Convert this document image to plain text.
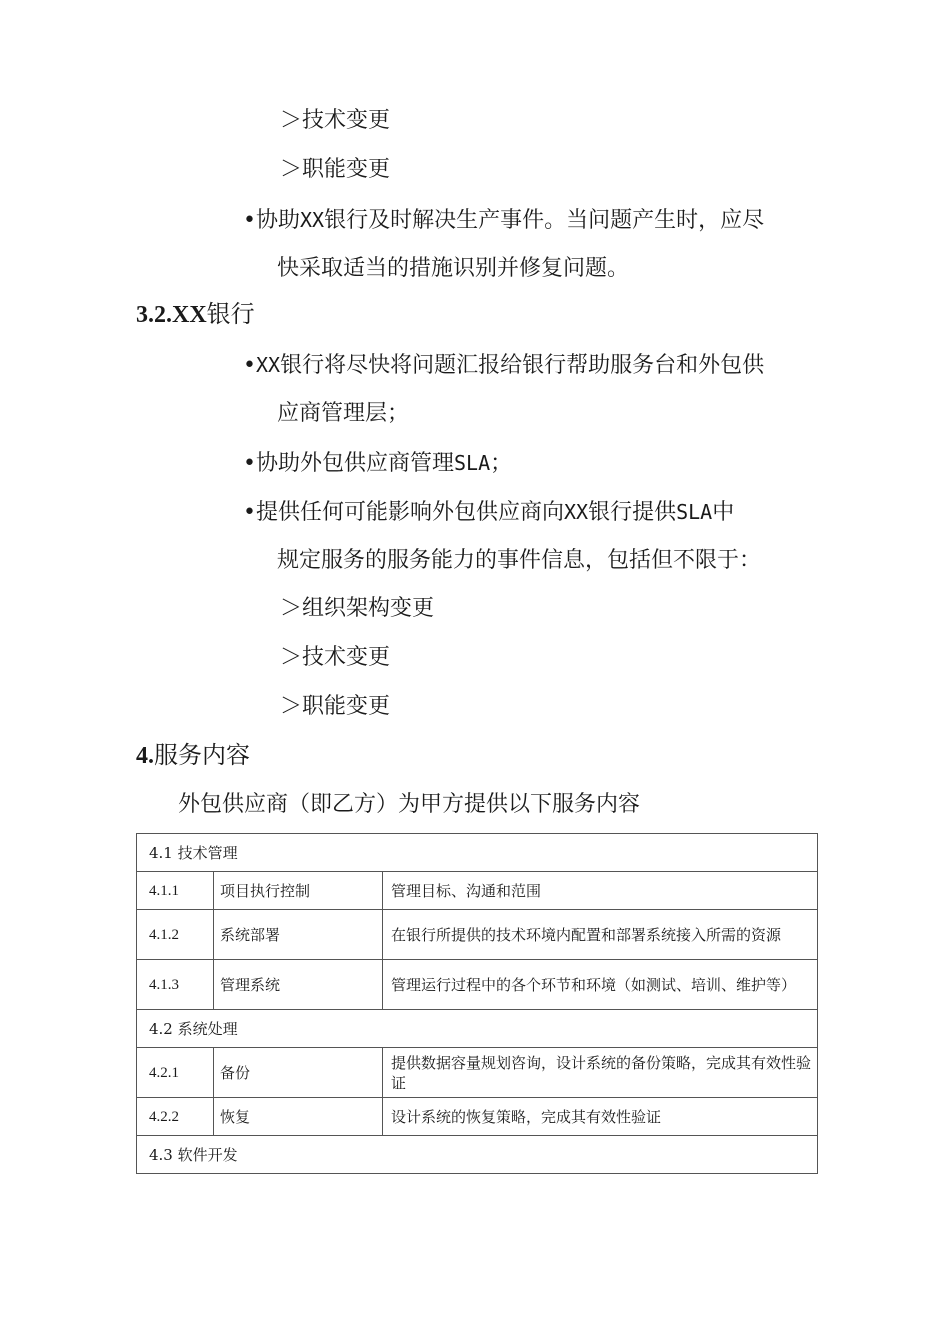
＞技术变更
＞职能变更
•协助XX银行及时解决生产事件。当问题产生时，应尽
快采取适当的措施识别并修复问题。
3.2.XX银行
•XX银行将尽快将问题汇报给银行帮助服务台和外包供
应商管理层；
•协助外包供应商管理SLA；
•提供任何可能影响外包供应商向XX银行提供SLA中
规定服务的服务能力的事件信息，包括但不限于：
＞组织架构变更
＞技术变更
＞职能变更
4.服务内容
外包供应商（即乙方）为甲方提供以下服务内容
4.1 技术管理		
4.1.1	项目执行控制	管理目标、沟通和范围
4.1.2	系统部署	在银行所提供的技术环境内配置和部署系统接入所需的资源
4.1.3	管理系统	管理运行过程中的各个环节和环境（如测试、培训、维护等）
4.2 系统处理		
4.2.1	备份	提供数据容量规划咨询，设计系统的备份策略，完成其有效性验证
4.2.2	恢复	设计系统的恢复策略，完成其有效性验证
4.3 软件开发		
